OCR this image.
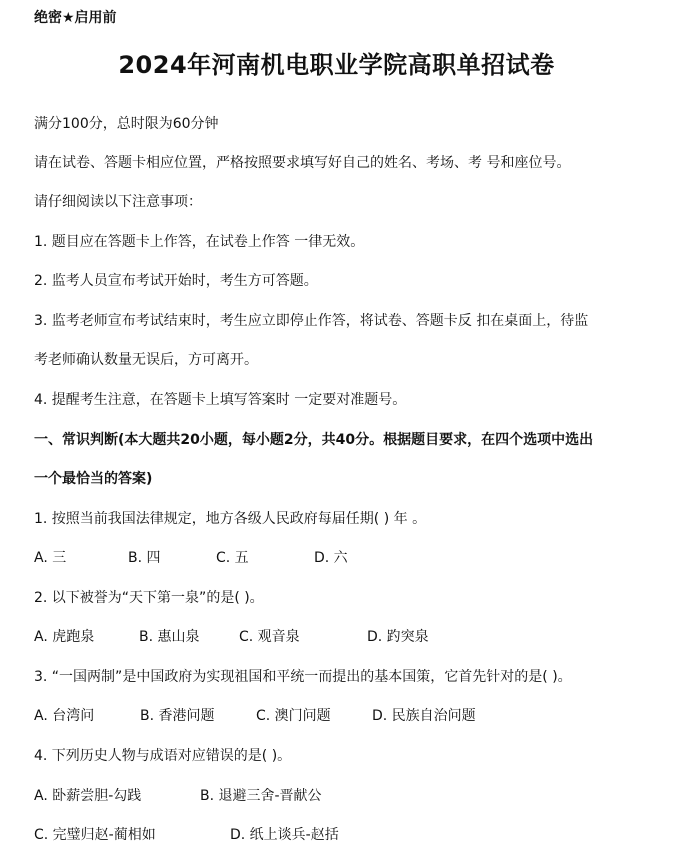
绝密★启用前
2024年河南机电职业学院高职单招试卷
满分100分，总时限为60分钟
请在试卷、答题卡相应位置，严格按照要求填写好自己的姓名、考场、考 号和座位号。
请仔细阅读以下注意事项：
1. 题目应在答题卡上作答，在试卷上作答 一律无效。
2. 监考人员宣布考试开始时，考生方可答题。
3. 监考老师宣布考试结束时，考生应立即停止作答，将试卷、答题卡反 扣在桌面上，待监
考老师确认数量无误后，方可离开。
4. 提醒考生注意，在答题卡上填写答案时 一定要对准题号。
一、常识判断(本大题共20小题，每小题2分，共40分。根据题目要求，在四个选项中选出
一个最恰当的答案)
1. 按照当前我国法律规定，地方各级人民政府每届任期( ) 年 。
A. 三	B. 四	C. 五	D. 六
2. 以下被誉为“天下第一泉”的是( )。
A. 虎跑泉	B. 惠山泉	C. 观音泉	D. 趵突泉
3. “一国两制”是中国政府为实现祖国和平统一而提出的基本国策，它首先针对的是( )。
A. 台湾问	B. 香港问题	C. 澳门问题	D. 民族自治问题
4. 下列历史人物与成语对应错误的是( )。
A. 卧薪尝胆-勾践	B. 退避三舍-晋献公
C. 完璧归赵-蔺相如	D. 纸上谈兵-赵括
